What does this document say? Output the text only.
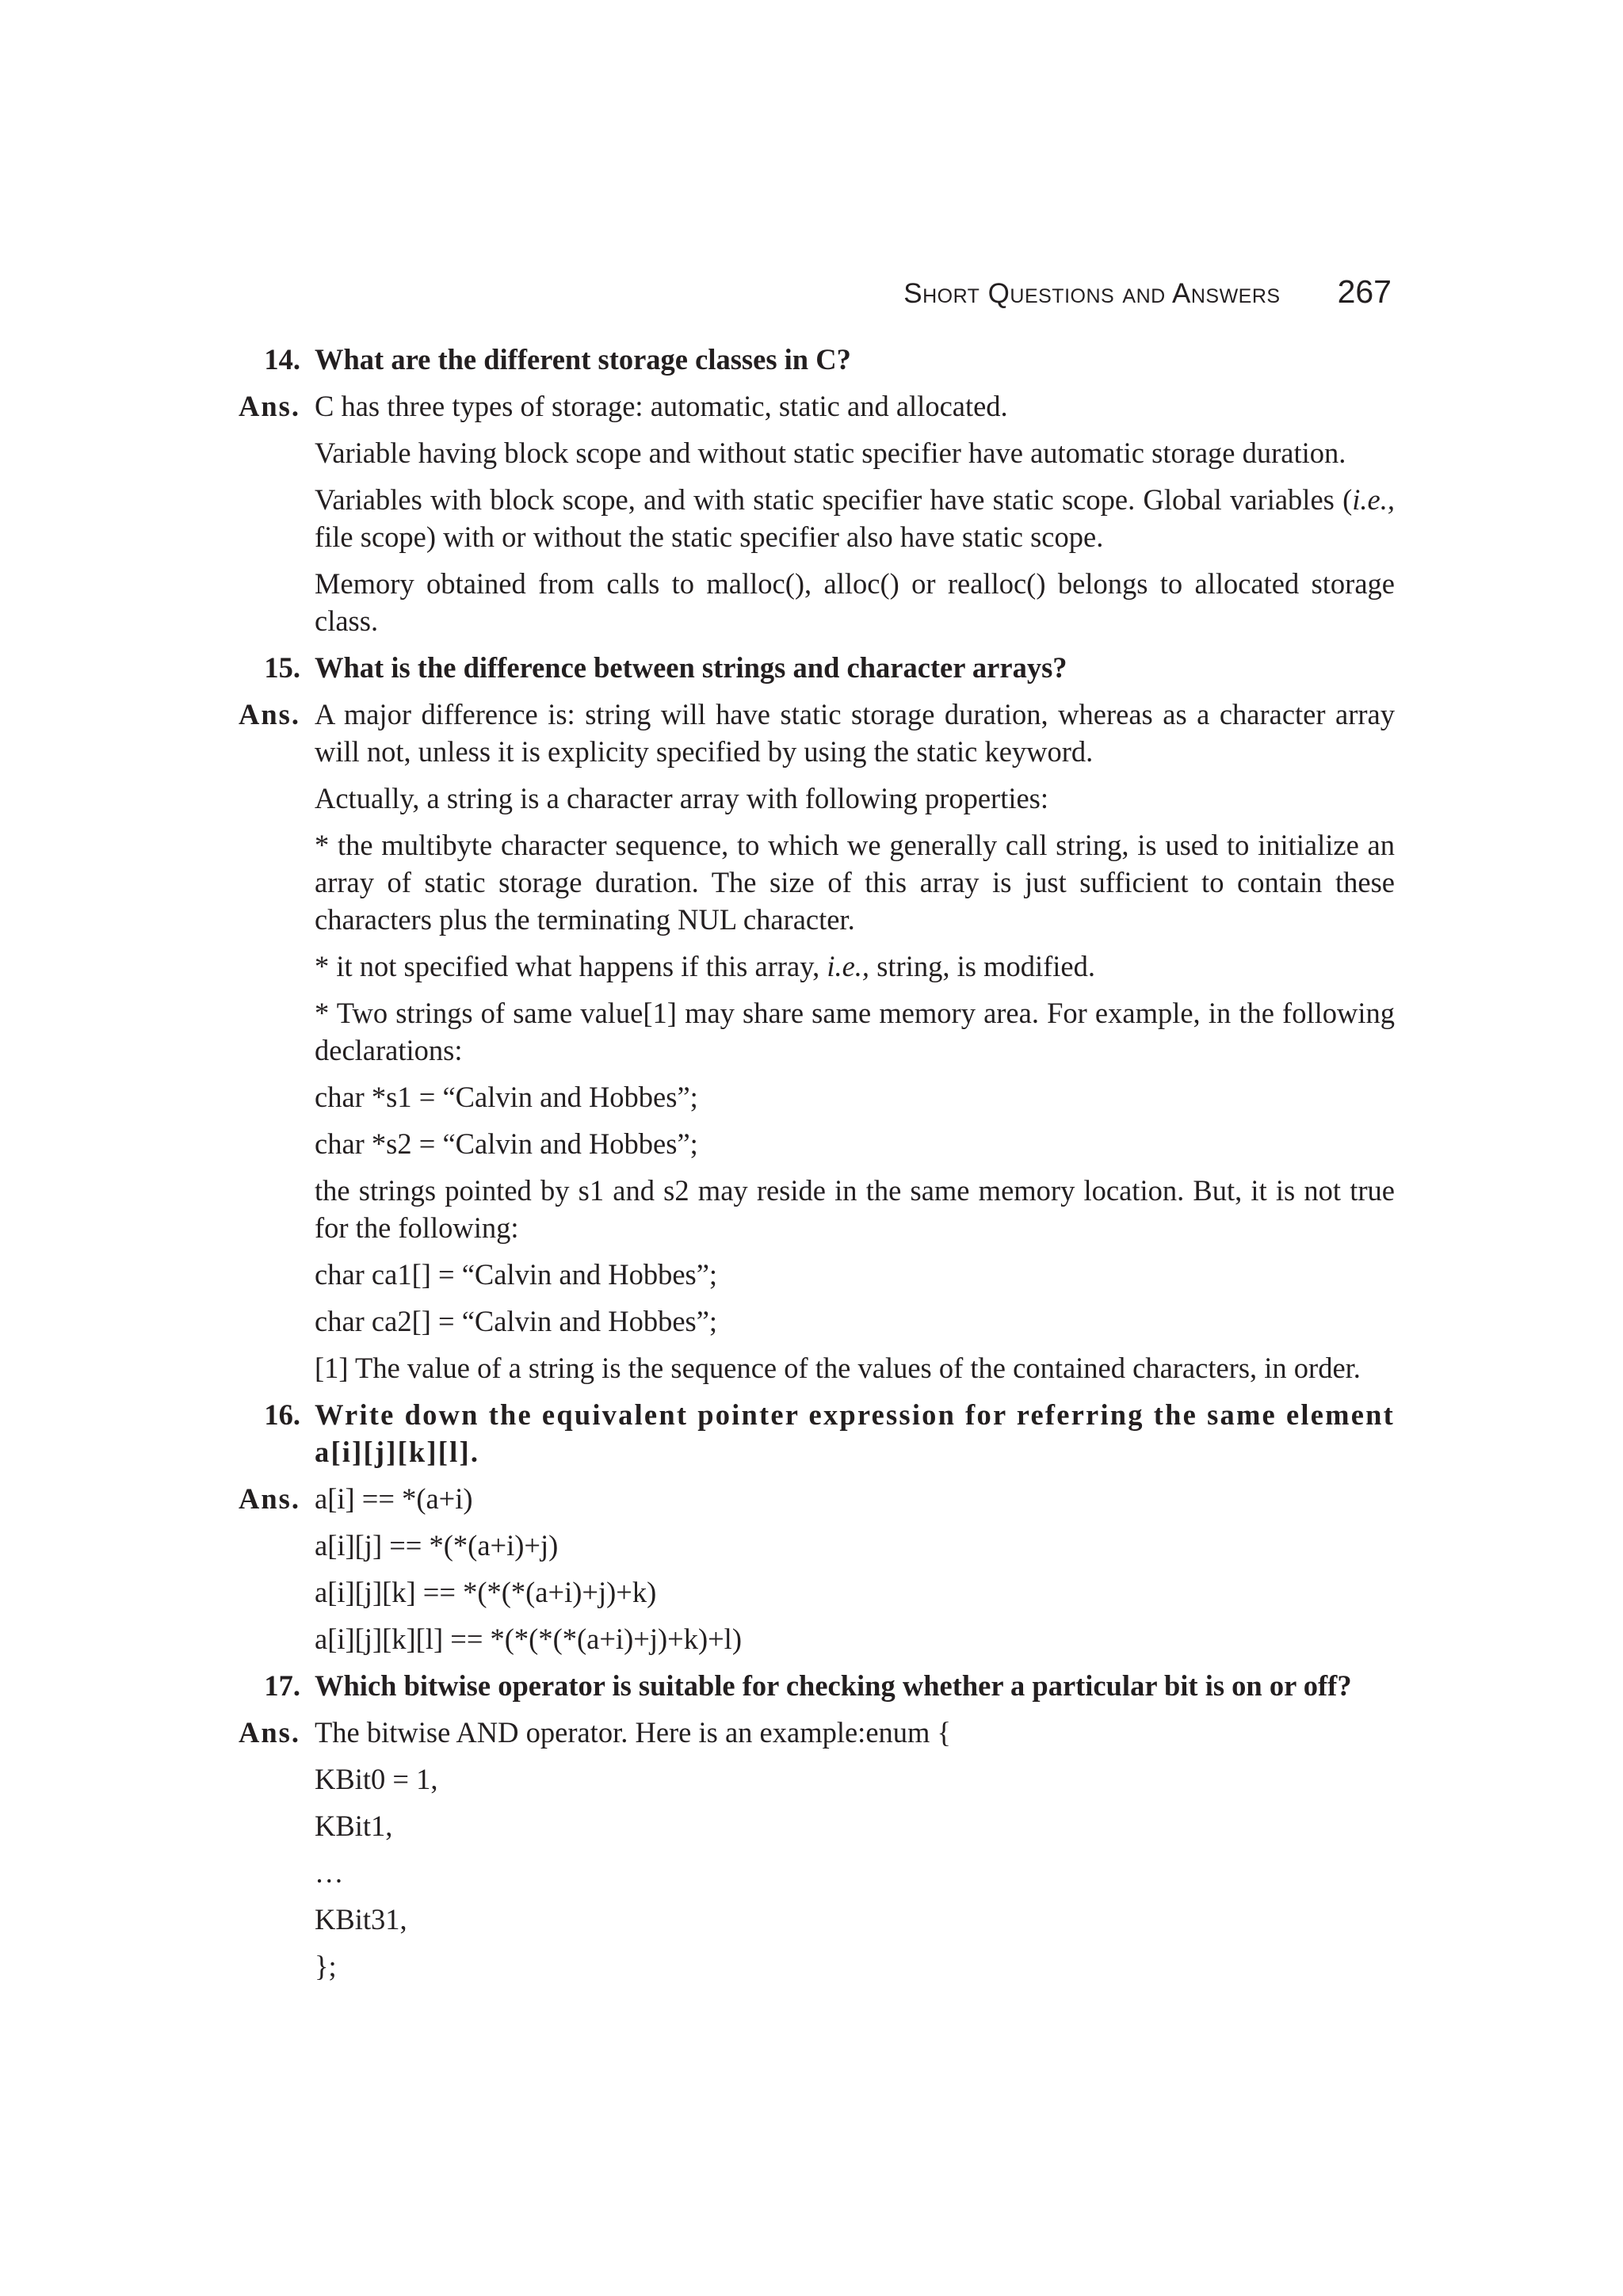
Short Questions and Answers 267
14. What are the different storage classes in C?
Ans. C has three types of storage: automatic, static and allocated.
Variable having block scope and without static specifier have automatic storage duration.
Variables with block scope, and with static specifier have static scope. Global variables (i.e., file scope) with or without the static specifier also have static scope.
Memory obtained from calls to malloc(), alloc() or realloc() belongs to allocated storage class.
15. What is the difference between strings and character arrays?
Ans. A major difference is: string will have static storage duration, whereas as a character array will not, unless it is explicity specified by using the static keyword.
Actually, a string is a character array with following properties:
* the multibyte character sequence, to which we generally call string, is used to initialize an array of static storage duration. The size of this array is just sufficient to contain these characters plus the terminating NUL character.
* it not specified what happens if this array, i.e., string, is modified.
* Two strings of same value[1] may share same memory area. For example, in the following declarations:
char *s1 = “Calvin and Hobbes”;
char *s2 = “Calvin and Hobbes”;
the strings pointed by s1 and s2 may reside in the same memory location. But, it is not true for the following:
char ca1[] = “Calvin and Hobbes”;
char ca2[] = “Calvin and Hobbes”;
[1] The value of a string is the sequence of the values of the contained characters, in order.
16. Write down the equivalent pointer expression for referring the same element a[i][j][k][l].
Ans. a[i] == *(a+i)
a[i][j] == *(*(a+i)+j)
a[i][j][k] == *(*(*(a+i)+j)+k)
a[i][j][k][l] == *(*(*(*(a+i)+j)+k)+l)
17. Which bitwise operator is suitable for checking whether a particular bit is on or off?
Ans. The bitwise AND operator. Here is an example:enum {
KBit0 = 1,
KBit1,
…
KBit31,
};
